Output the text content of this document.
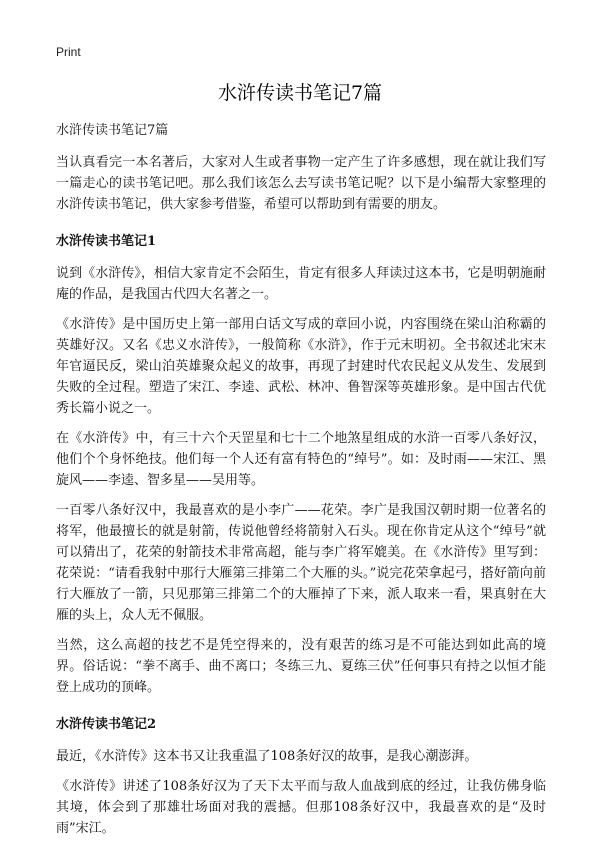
Print
水浒传读书笔记7篇

水浒传读书笔记7篇

当认真看完一本名著后，大家对人生或者事物一定产生了许多感想，现在就让我们写一篇走心的读书笔记吧。那么我们该怎么去写读书笔记呢？以下是小编帮大家整理的水浒传读书笔记，供大家参考借鉴，希望可以帮助到有需要的朋友。

水浒传读书笔记1

说到《水浒传》，相信大家肯定不会陌生，肯定有很多人拜读过这本书，它是明朝施耐庵的作品，是我国古代四大名著之一。

《水浒传》是中国历史上第一部用白话文写成的章回小说，内容围绕在梁山泊称霸的英雄好汉。又名《忠义水浒传》，一般简称《水浒》，作于元末明初。全书叙述北宋末年官逼民反，梁山泊英雄聚众起义的故事，再现了封建时代农民起义从发生、发展到失败的全过程。塑造了宋江、李逵、武松、林冲、鲁智深等英雄形象。是中国古代优秀长篇小说之一。

在《水浒传》中，有三十六个天罡星和七十二个地煞星组成的水浒一百零八条好汉，他们个个身怀绝技。他们每一个人还有富有特色的“绰号”。如：及时雨——宋江、黑旋风——李逵、智多星——吴用等。

一百零八条好汉中，我最喜欢的是小李广——花荣。李广是我国汉朝时期一位著名的将军，他最擅长的就是射箭，传说他曾经将箭射入石头。现在你肯定从这个“绰号”就可以猜出了，花荣的射箭技术非常高超，能与李广将军媲美。在《水浒传》里写到：花荣说：“请看我射中那行大雁第三排第二个大雁的头。”说完花荣拿起弓，搭好箭向前行大雁放了一箭，只见那第三排第二个的大雁掉了下来，派人取来一看，果真射在大雁的头上，众人无不佩服。

当然，这么高超的技艺不是凭空得来的，没有艰苦的练习是不可能达到如此高的境界。俗话说：“拳不离手、曲不离口；冬练三九、夏练三伏”任何事只有持之以恒才能登上成功的顶峰。

水浒传读书笔记2

最近，《水浒传》这本书又让我重温了108条好汉的故事，是我心潮澎湃。

《水浒传》讲述了108条好汉为了天下太平而与敌人血战到底的经过，让我仿佛身临其境，体会到了那雄壮场面对我的震撼。但那108条好汉中，我最喜欢的是“及时雨”宋江。
